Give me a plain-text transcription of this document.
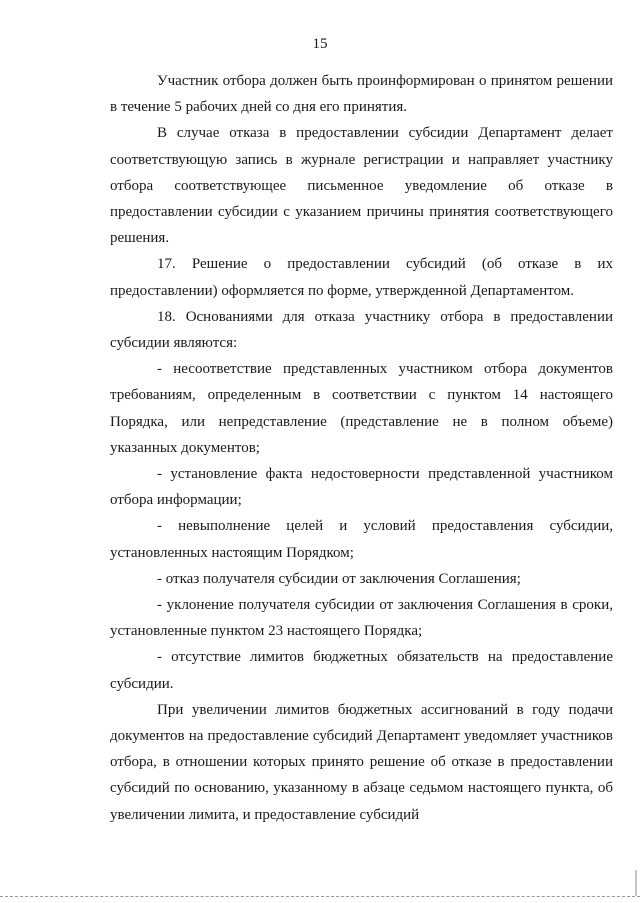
15

Участник отбора должен быть проинформирован о принятом решении в течение 5 рабочих дней со дня его принятия.

В случае отказа в предоставлении субсидии Департамент делает соответствующую запись в журнале регистрации и направляет участнику отбора соответствующее письменное уведомление об отказе в предоставлении субсидии с указанием причины принятия соответствующего решения.

17. Решение о предоставлении субсидий (об отказе в их предоставлении) оформляется по форме, утвержденной Департаментом.

18. Основаниями для отказа участнику отбора в предоставлении субсидии являются:

- несоответствие представленных участником отбора документов требованиям, определенным в соответствии с пунктом 14 настоящего Порядка, или непредставление (представление не в полном объеме) указанных документов;

- установление факта недостоверности представленной участником отбора информации;

- невыполнение целей и условий предоставления субсидии, установленных настоящим Порядком;

- отказ получателя субсидии от заключения Соглашения;

- уклонение получателя субсидии от заключения Соглашения в сроки, установленные пунктом 23 настоящего Порядка;

- отсутствие лимитов бюджетных обязательств на предоставление субсидии.

При увеличении лимитов бюджетных ассигнований в году подачи документов на предоставление субсидий Департамент уведомляет участников отбора, в отношении которых принято решение об отказе в предоставлении субсидий по основанию, указанному в абзаце седьмом настоящего пункта, об увеличении лимита, и предоставление субсидий
